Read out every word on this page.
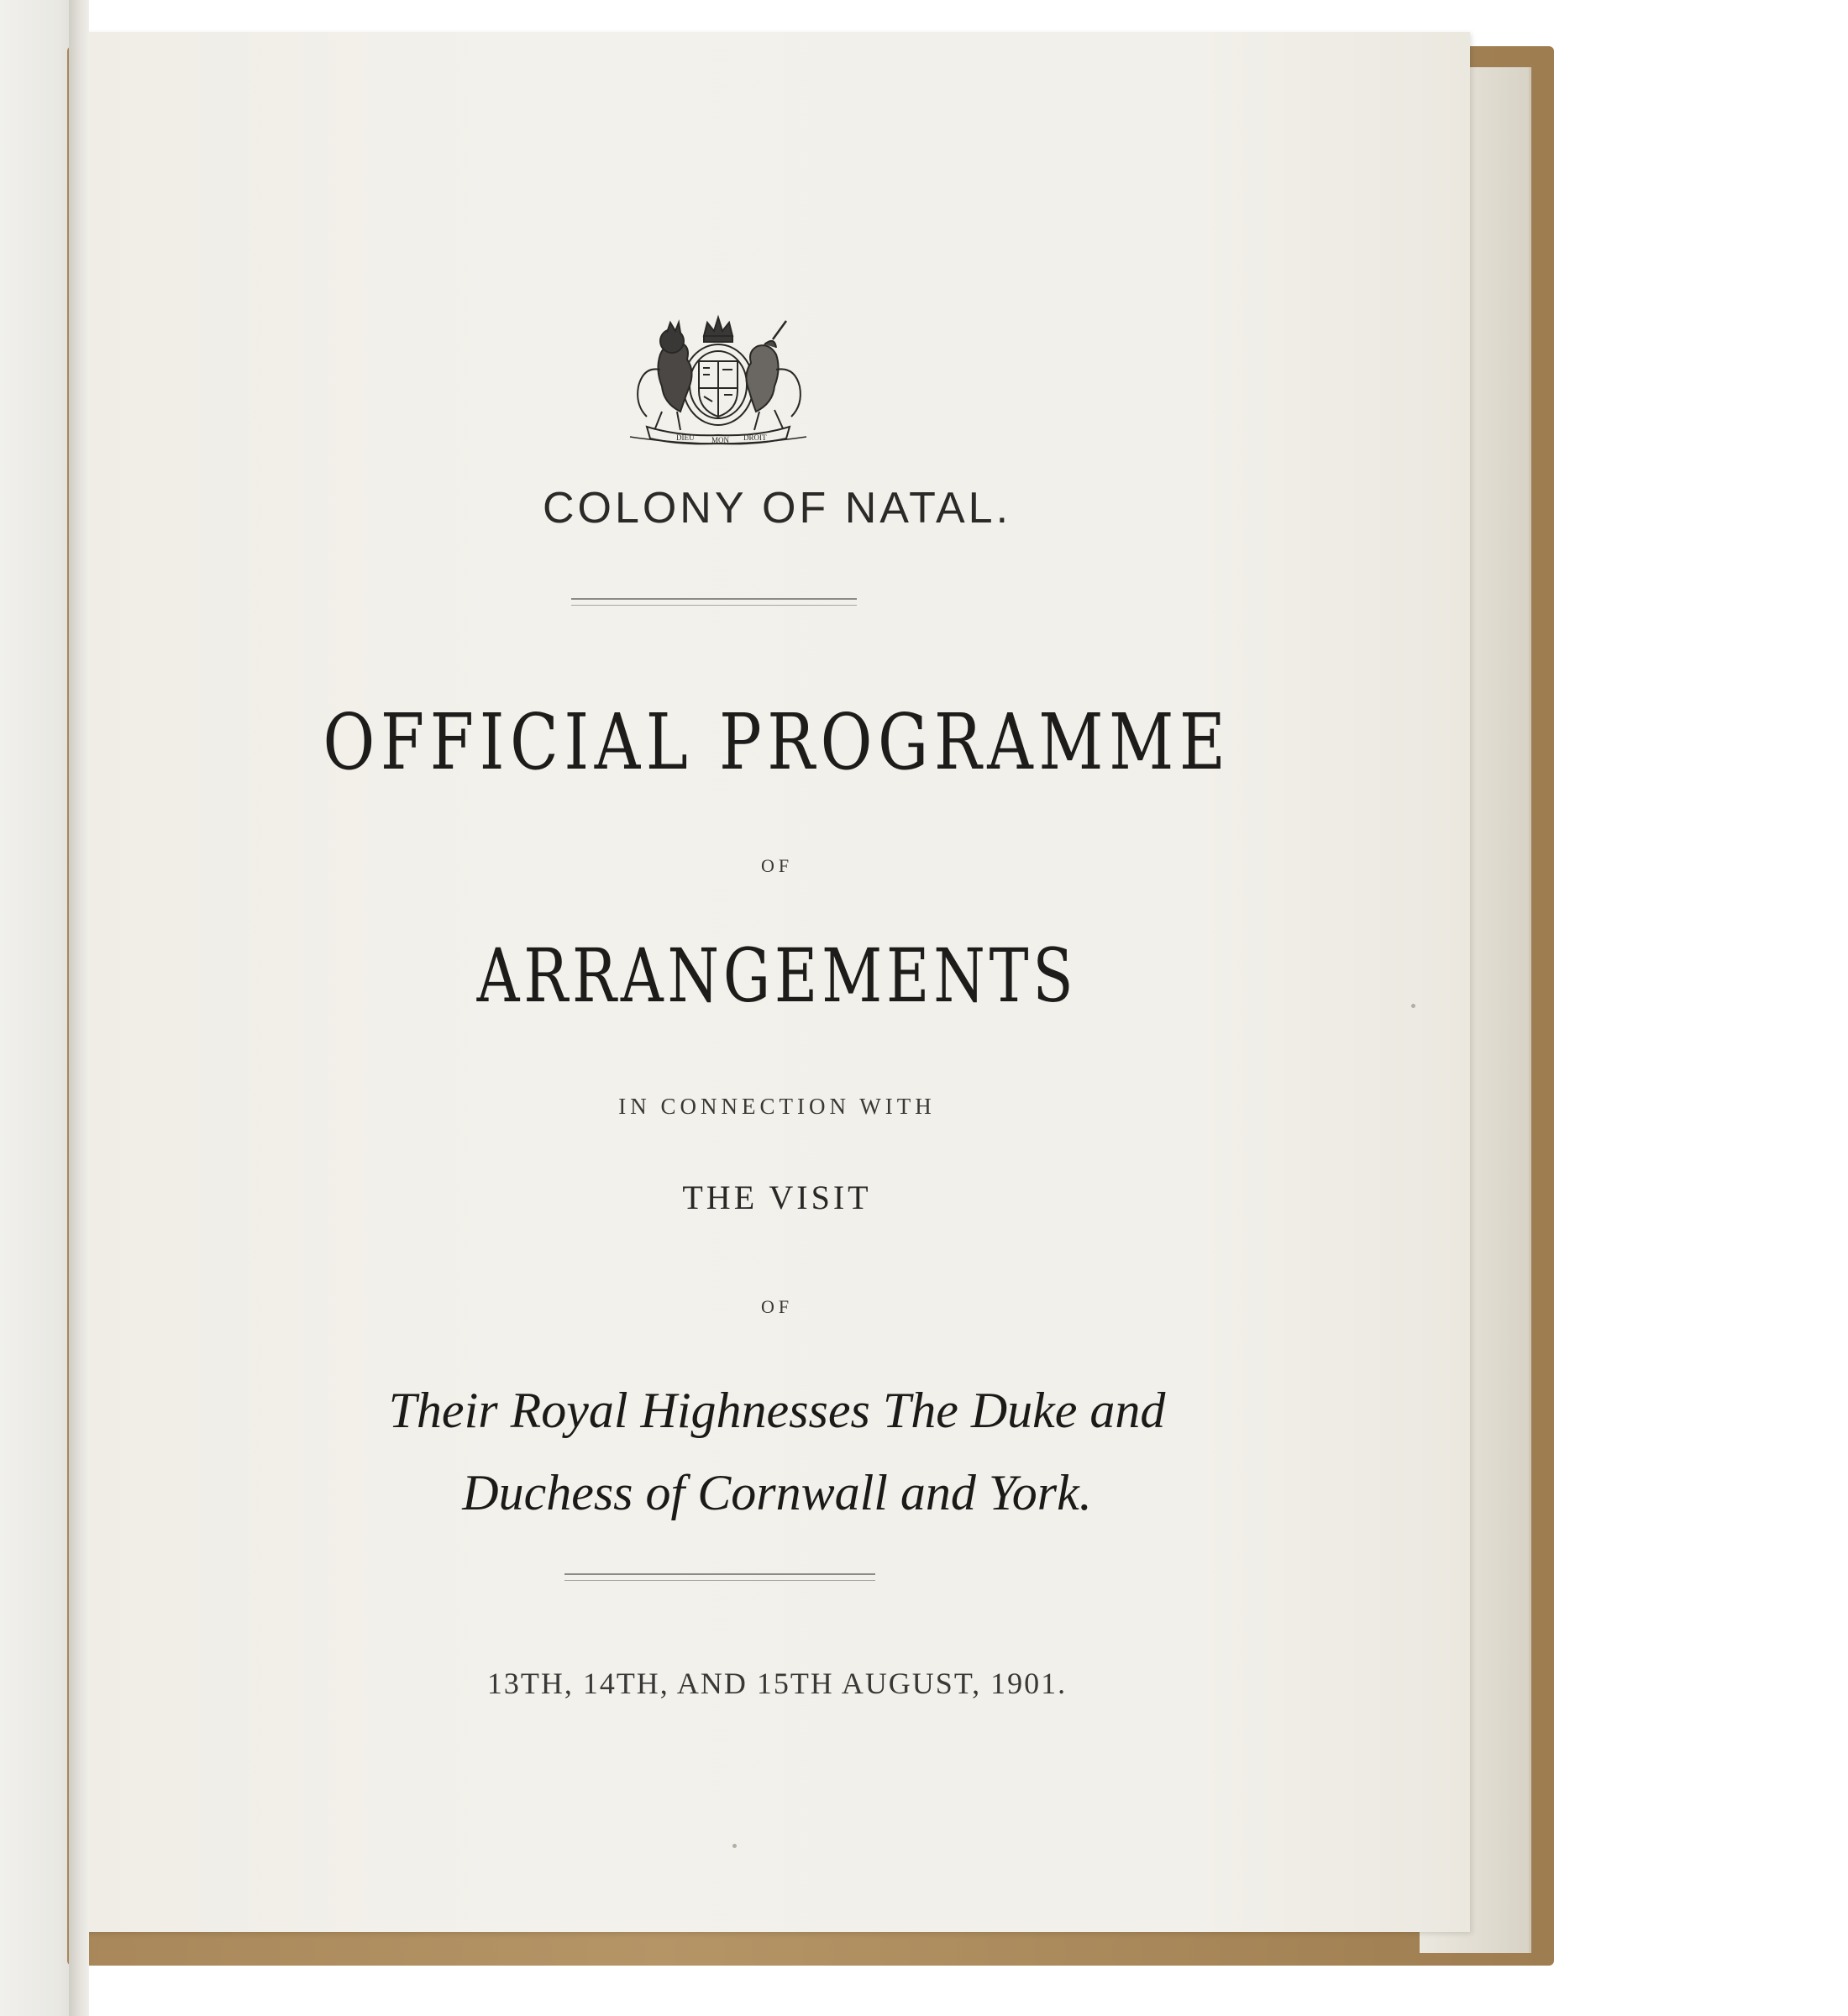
DIEU MON DROIT
COLONY OF NATAL.
OFFICIAL PROGRAMME
OF
ARRANGEMENTS
IN CONNECTION WITH
THE VISIT
OF
Their Royal Highnesses The Duke and
Duchess of Cornwall and York.
13TH, 14TH, AND 15TH AUGUST, 1901.
